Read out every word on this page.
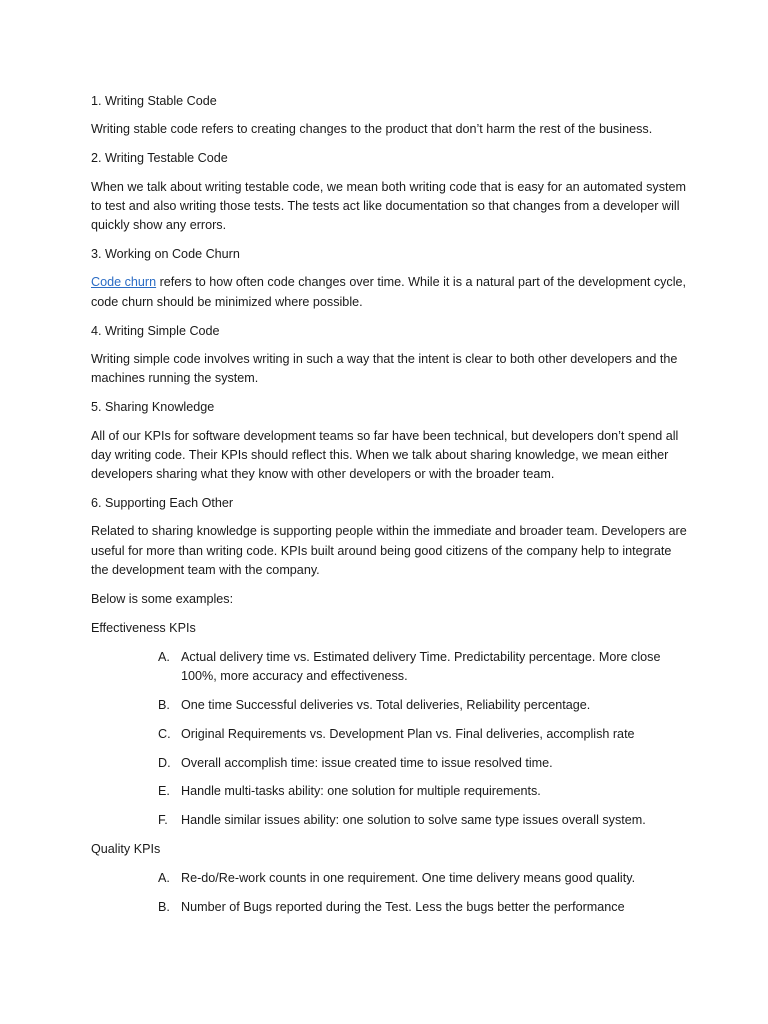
1. Writing Stable Code

Writing stable code refers to creating changes to the product that don’t harm the rest of the business.

2. Writing Testable Code

When we talk about writing testable code, we mean both writing code that is easy for an automated system to test and also writing those tests. The tests act like documentation so that changes from a developer will quickly show any errors.

3. Working on Code Churn

Code churn refers to how often code changes over time. While it is a natural part of the development cycle, code churn should be minimized where possible.

4. Writing Simple Code

Writing simple code involves writing in such a way that the intent is clear to both other developers and the machines running the system.

5. Sharing Knowledge

All of our KPIs for software development teams so far have been technical, but developers don’t spend all day writing code. Their KPIs should reflect this. When we talk about sharing knowledge, we mean either developers sharing what they know with other developers or with the broader team.

6. Supporting Each Other

Related to sharing knowledge is supporting people within the immediate and broader team. Developers are useful for more than writing code. KPIs built around being good citizens of the company help to integrate the development team with the company.

Below is some examples:

Effectiveness KPIs

A. Actual delivery time vs. Estimated delivery Time. Predictability percentage. More close 100%, more accuracy and effectiveness.
B. One time Successful deliveries vs. Total deliveries, Reliability percentage.
C. Original Requirements vs. Development Plan vs. Final deliveries, accomplish rate
D. Overall accomplish time: issue created time to issue resolved time.
E. Handle multi-tasks ability: one solution for multiple requirements.
F. Handle similar issues ability: one solution to solve same type issues overall system.

Quality KPIs

A. Re-do/Re-work counts in one requirement. One time delivery means good quality.
B. Number of Bugs reported during the Test. Less the bugs better the performance
